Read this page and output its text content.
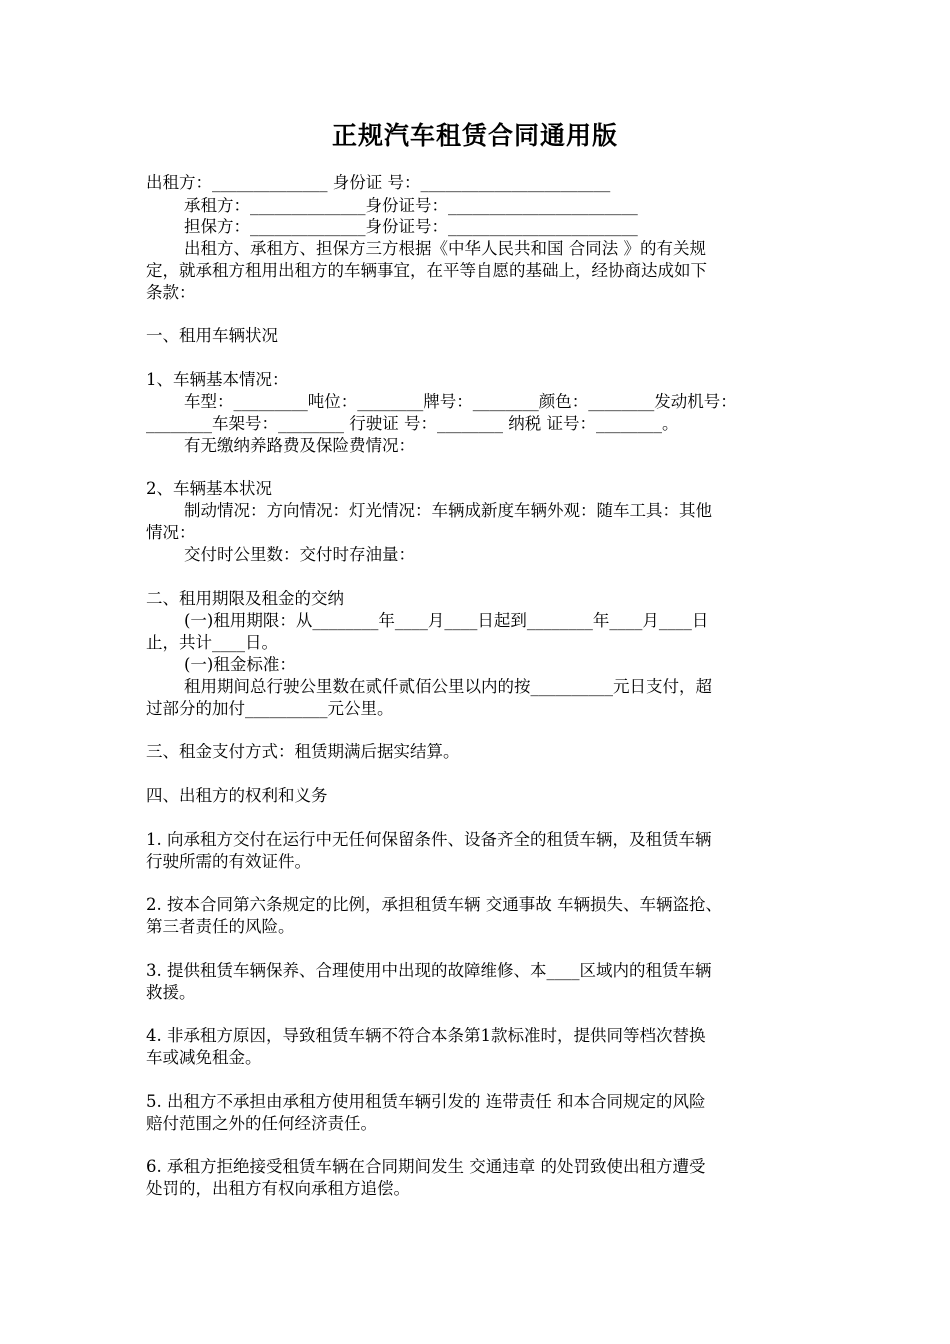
正规汽车租赁合同通用版
出租方：______________ 身份证 号：_______________________
承租方：______________身份证号：_______________________
担保方：______________身份证号：_______________________
出租方、承租方、担保方三方根据《中华人民共和国 合同法 》的有关规
定，就承租方租用出租方的车辆事宜，在平等自愿的基础上，经协商达成如下
条款：
一、租用车辆状况
1、车辆基本情况：
车型：_________吨位：________牌号：________颜色：________发动机号：
________车架号：________ 行驶证 号：________ 纳税 证号：________。
有无缴纳养路费及保险费情况：
2、车辆基本状况
制动情况：方向情况：灯光情况：车辆成新度车辆外观：随车工具：其他
情况：
交付时公里数：交付时存油量：
二、租用期限及租金的交纳
(一)租用期限：从________年____月____日起到________年____月____日
止，共计____日。
(一)租金标准：
租用期间总行驶公里数在贰仟贰佰公里以内的按__________元日支付，超
过部分的加付__________元公里。
三、租金支付方式：租赁期满后据实结算。
四、出租方的权利和义务
1. 向承租方交付在运行中无任何保留条件、设备齐全的租赁车辆，及租赁车辆
行驶所需的有效证件。
2. 按本合同第六条规定的比例，承担租赁车辆 交通事故 车辆损失、车辆盗抢、
第三者责任的风险。
3. 提供租赁车辆保养、合理使用中出现的故障维修、本____区域内的租赁车辆
救援。
4. 非承租方原因，导致租赁车辆不符合本条第1款标准时，提供同等档次替换
车或减免租金。
5. 出租方不承担由承租方使用租赁车辆引发的 连带责任 和本合同规定的风险
赔付范围之外的任何经济责任。
6. 承租方拒绝接受租赁车辆在合同期间发生 交通违章 的处罚致使出租方遭受
处罚的，出租方有权向承租方追偿。
